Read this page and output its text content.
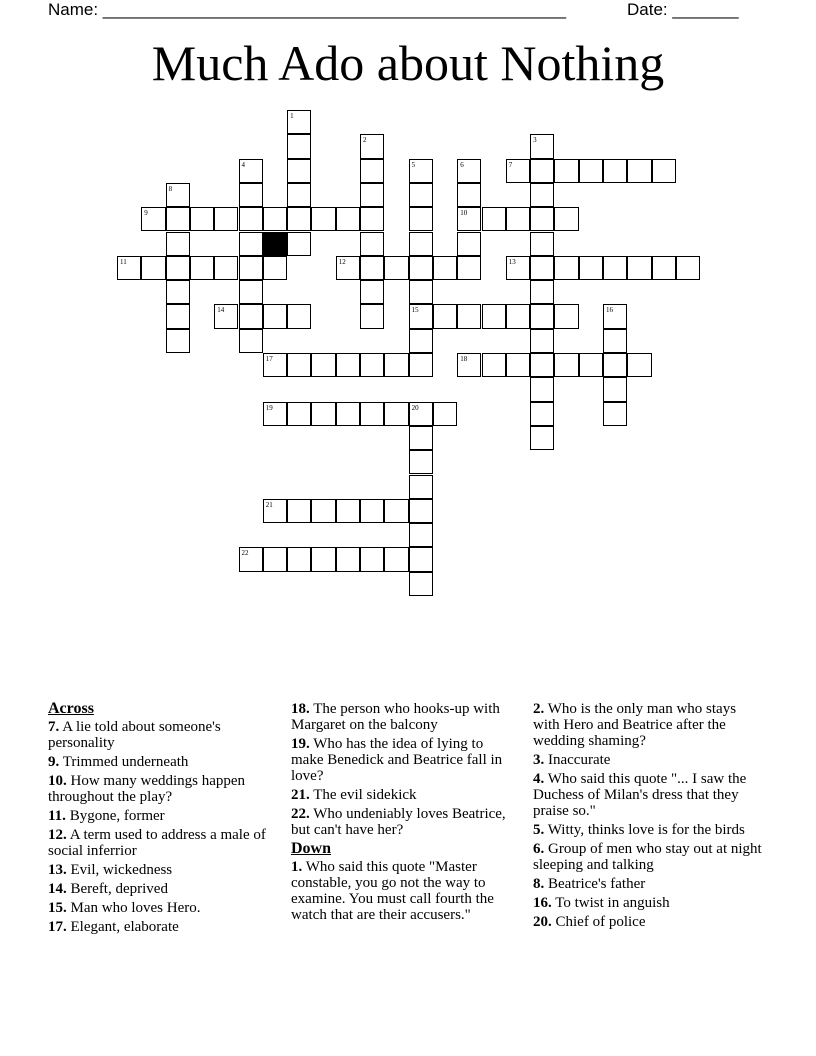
Name: _________________________________________________	Date: _______
Much Ado about Nothing
1
2	3
4	5
15
6
10
7
8
9
11	12	13
14	16
17	18
19	20
21
22
Across
7. A lie told about someone's personality
9. Trimmed underneath
10. How many weddings happen throughout the play?
11. Bygone, former
12. A term used to address a male of social inferrior
13. Evil, wickedness
14. Bereft, deprived
15. Man who loves Hero.
17. Elegant, elaborate
18. The person who hooks-up with Margaret on the balcony
19. Who has the idea of lying to make Benedick and Beatrice fall in love?
21. The evil sidekick
22. Who undeniably loves Beatrice, but can't have her?
Down
1. Who said this quote "Master constable, you go not the way to examine. You must call fourth the watch that are their accusers."
2. Who is the only man who stays with Hero and Beatrice after the wedding shaming?
3. Inaccurate
4. Who said this quote "... I saw the Duchess of Milan's dress that they praise so."
5. Witty, thinks love is for the birds
6. Group of men who stay out at night sleeping and talking
8. Beatrice's father
16. To twist in anguish
20. Chief of police
